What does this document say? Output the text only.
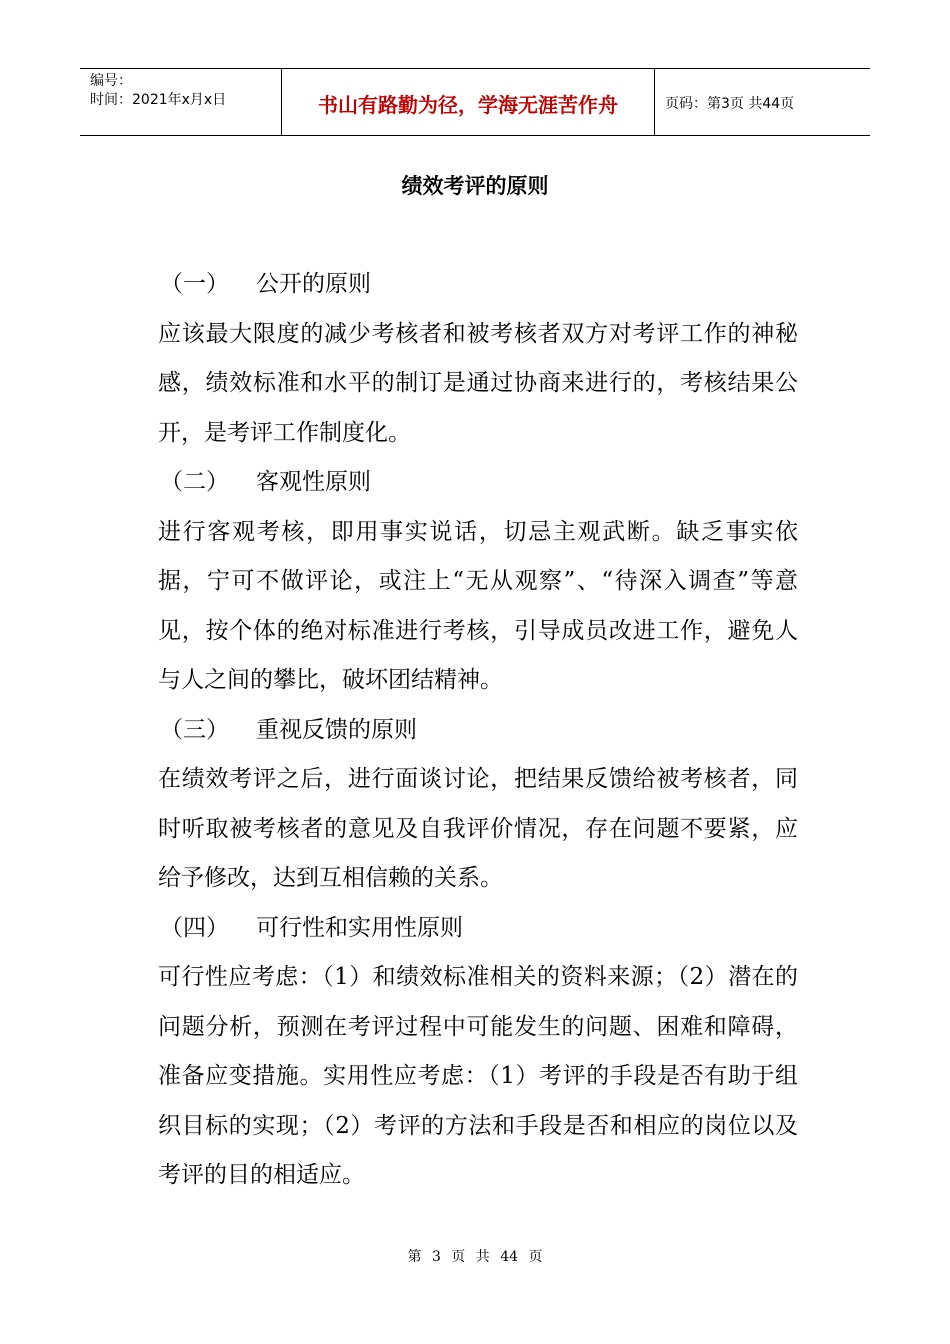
编号：
时间：2021年x月x日	书山有路勤为径，学海无涯苦作舟	页码：第3页 共44页
绩效考评的原则
（一）	公开的原则
应该最大限度的减少考核者和被考核者双方对考评工作的神秘感，绩效标准和水平的制订是通过协商来进行的，考核结果公开，是考评工作制度化。
（二）	客观性原则
进行客观考核，即用事实说话，切忌主观武断。缺乏事实依据，宁可不做评论，或注上“无从观察”、“待深入调查”等意见，按个体的绝对标准进行考核，引导成员改进工作，避免人与人之间的攀比，破坏团结精神。
（三）	重视反馈的原则
在绩效考评之后，进行面谈讨论，把结果反馈给被考核者，同时听取被考核者的意见及自我评价情况，存在问题不要紧，应给予修改，达到互相信赖的关系。
（四）	可行性和实用性原则
可行性应考虑：（1）和绩效标准相关的资料来源；（2）潜在的问题分析，预测在考评过程中可能发生的问题、困难和障碍，准备应变措施。实用性应考虑：（1）考评的手段是否有助于组织目标的实现；（2）考评的方法和手段是否和相应的岗位以及考评的目的相适应。
第 3 页 共 44 页
